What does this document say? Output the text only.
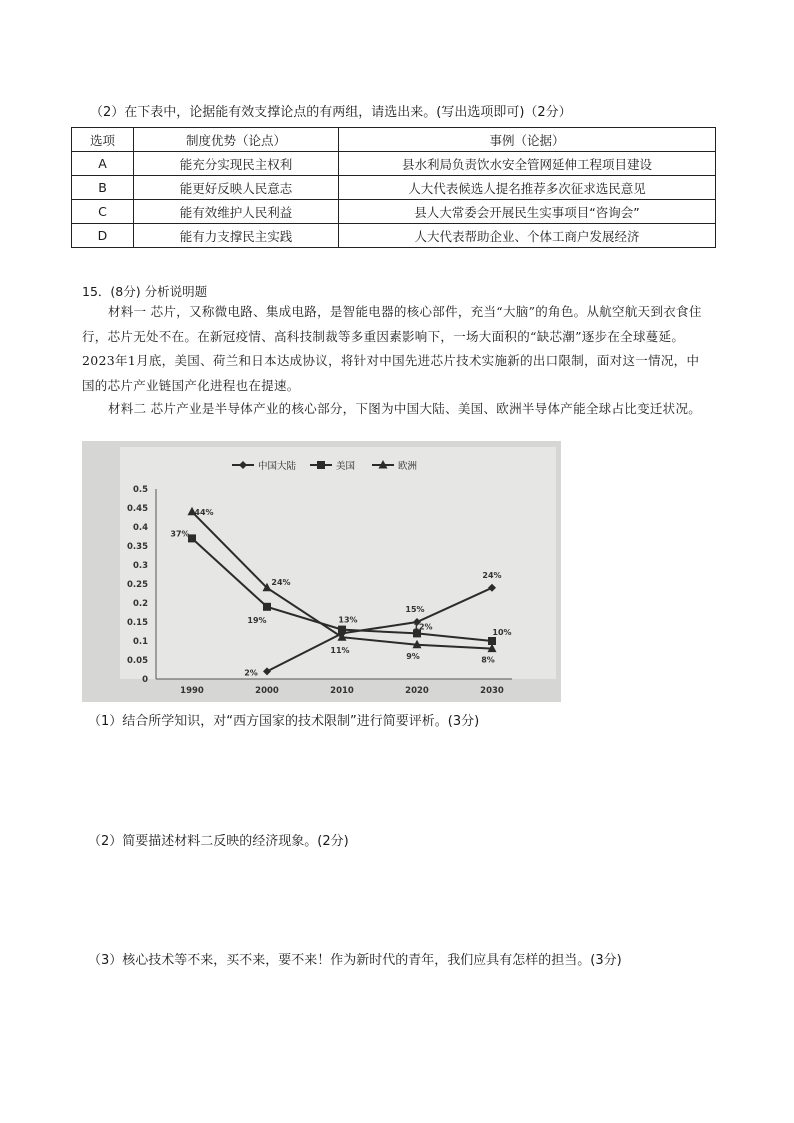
（2）在下表中，论据能有效支撑论点的有两组，请选出来。(写出选项即可)（2分）
选项	制度优势（论点）	事例（论据）
A	能充分实现民主权利	县水利局负责饮水安全管网延伸工程项目建设
B	能更好反映人民意志	人大代表候选人提名推荐多次征求选民意见
C	能有效维护人民利益	县人大常委会开展民生实事项目“咨询会”
D	能有力支撑民主实践	人大代表帮助企业、个体工商户发展经济
15．(8分) 分析说明题
材料一 芯片，又称微电路、集成电路，是智能电器的核心部件，充当“大脑”的角色。从航空航天到衣食住行，芯片无处不在。在新冠疫情、高科技制裁等多重因素影响下，一场大面积的“缺芯潮”逐步在全球蔓延。2023年1月底，美国、荷兰和日本达成协议，将针对中国先进芯片技术实施新的出口限制，面对这一情况，中国的芯片产业链国产化进程也在提速。
材料二 芯片产业是半导体产业的核心部分，下图为中国大陆、美国、欧洲半导体产能全球占比变迁状况。
0
0.05
0.1
0.15
0.2
0.25
0.3
0.35
0.4
0.45
0.5
1990	2000	2010	2020	2030
2%
15%
24%
37%
19%	13%
12%
10%
44%
24%
11%
9%	8%
中国大陆	美国	欧洲
（1）结合所学知识，对“西方国家的技术限制”进行简要评析。(3分)
（2）简要描述材料二反映的经济现象。(2分)
（3）核心技术等不来，买不来，要不来！作为新时代的青年，我们应具有怎样的担当。(3分)
